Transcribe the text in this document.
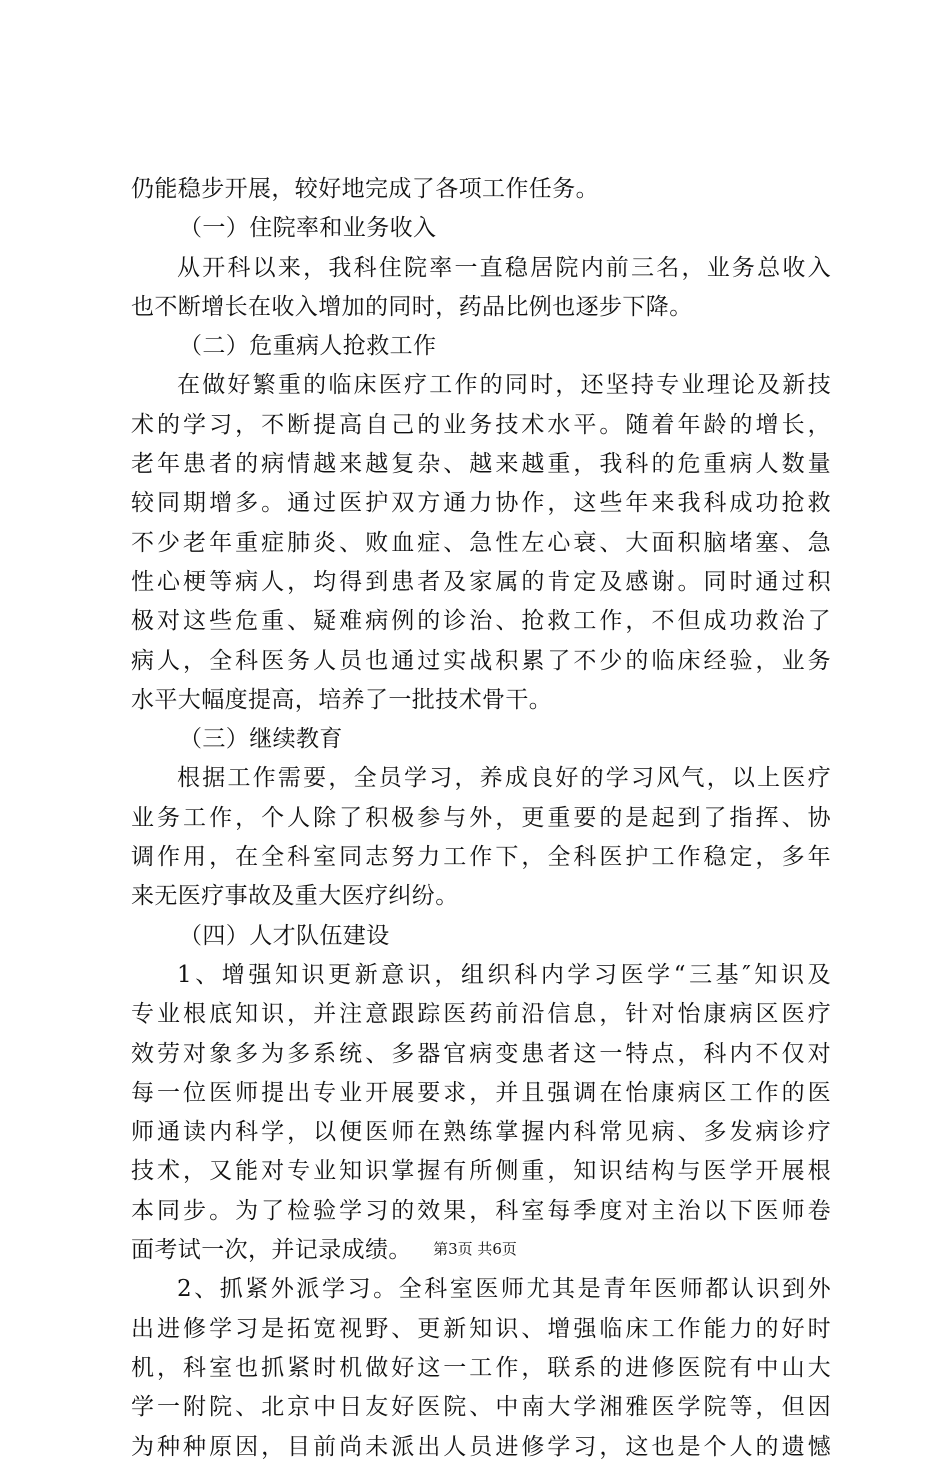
仍能稳步开展，较好地完成了各项工作任务。
（一）住院率和业务收入
从开科以来，我科住院率一直稳居院内前三名，业务总收入
也不断增长在收入增加的同时，药品比例也逐步下降。
（二）危重病人抢救工作
在做好繁重的临床医疗工作的同时，还坚持专业理论及新技
术的学习，不断提高自己的业务技术水平。随着年龄的增长，
老年患者的病情越来越复杂、越来越重，我科的危重病人数量
较同期增多。通过医护双方通力协作，这些年来我科成功抢救
不少老年重症肺炎、败血症、急性左心衰、大面积脑堵塞、急
性心梗等病人，均得到患者及家属的肯定及感谢。同时通过积
极对这些危重、疑难病例的诊治、抢救工作，不但成功救治了
病人，全科医务人员也通过实战积累了不少的临床经验，业务
水平大幅度提高，培养了一批技术骨干。
（三）继续教育
根据工作需要，全员学习，养成良好的学习风气，以上医疗
业务工作，个人除了积极参与外，更重要的是起到了指挥、协
调作用，在全科室同志努力工作下，全科医护工作稳定，多年
来无医疗事故及重大医疗纠纷。
（四）人才队伍建设
1、增强知识更新意识，组织科内学习医学“三基″知识及
专业根底知识，并注意跟踪医药前沿信息，针对怡康病区医疗
效劳对象多为多系统、多器官病变患者这一特点，科内不仅对
每一位医师提出专业开展要求，并且强调在怡康病区工作的医
师通读内科学，以便医师在熟练掌握内科常见病、多发病诊疗
技术，又能对专业知识掌握有所侧重，知识结构与医学开展根
本同步。为了检验学习的效果，科室每季度对主治以下医师卷
面考试一次，并记录成绩。
2、抓紧外派学习。全科室医师尤其是青年医师都认识到外
出进修学习是拓宽视野、更新知识、增强临床工作能力的好时
机，科室也抓紧时机做好这一工作，联系的进修医院有中山大
学一附院、北京中日友好医院、中南大学湘雅医学院等，但因
为种种原因，目前尚未派出人员进修学习，这也是个人的遗憾
第3页 共6页
